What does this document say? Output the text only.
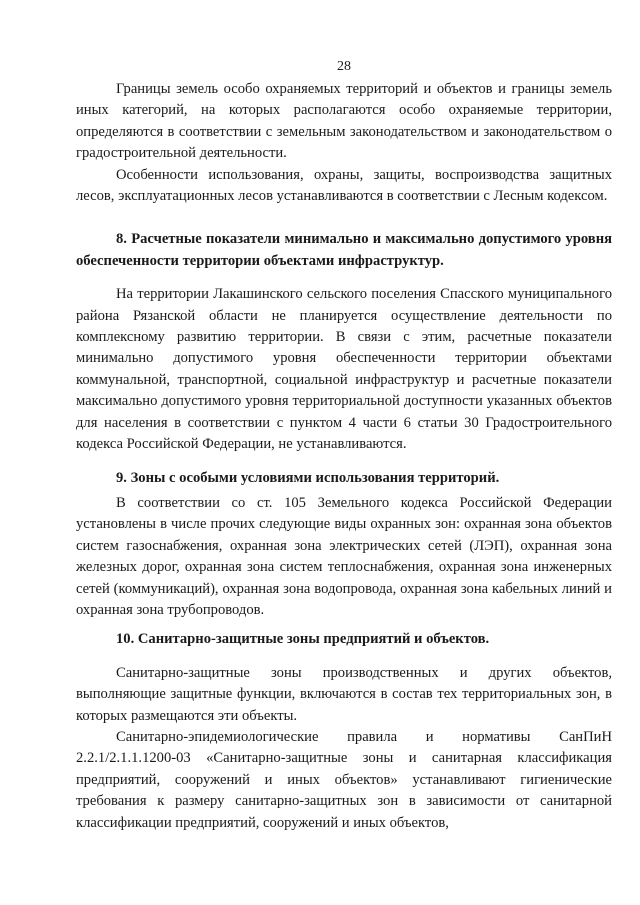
28

Границы земель особо охраняемых территорий и объектов и границы земель иных категорий, на которых располагаются особо охраняемые территории, определяются в соответствии с земельным законодательством и законодательством о градостроительной деятельности.

Особенности использования, охраны, защиты, воспроизводства защитных лесов, эксплуатационных лесов устанавливаются в соответствии с Лесным кодексом.

8. Расчетные показатели минимально и максимально допустимого уровня обеспеченности территории объектами инфраструктур.

На территории Лакашинского сельского поселения Спасского муниципального района Рязанской области не планируется осуществление деятельности по комплексному развитию территории. В связи с этим, расчетные показатели минимально допустимого уровня обеспеченности территории объектами коммунальной, транспортной, социальной инфраструктур и расчетные показатели максимально допустимого уровня территориальной доступности указанных объектов для населения в соответствии с пунктом 4 части 6 статьи 30 Градостроительного кодекса Российской Федерации, не устанавливаются.

9. Зоны с особыми условиями использования территорий.

В соответствии со ст. 105 Земельного кодекса Российской Федерации установлены в числе прочих следующие виды охранных зон: охранная зона объектов систем газоснабжения, охранная зона электрических сетей (ЛЭП), охранная зона железных дорог, охранная зона систем теплоснабжения, охранная зона инженерных сетей (коммуникаций), охранная зона водопровода, охранная зона кабельных линий и охранная зона трубопроводов.

10. Санитарно-защитные зоны предприятий и объектов.

Санитарно-защитные зоны производственных и других объектов, выполняющие защитные функции, включаются в состав тех территориальных зон, в которых размещаются эти объекты.

Санитарно-эпидемиологические правила и нормативы СанПиН 2.2.1/2.1.1.1200-03 «Санитарно-защитные зоны и санитарная классификация предприятий, сооружений и иных объектов» устанавливают гигиенические требования к размеру санитарно-защитных зон в зависимости от санитарной классификации предприятий, сооружений и иных объектов,
